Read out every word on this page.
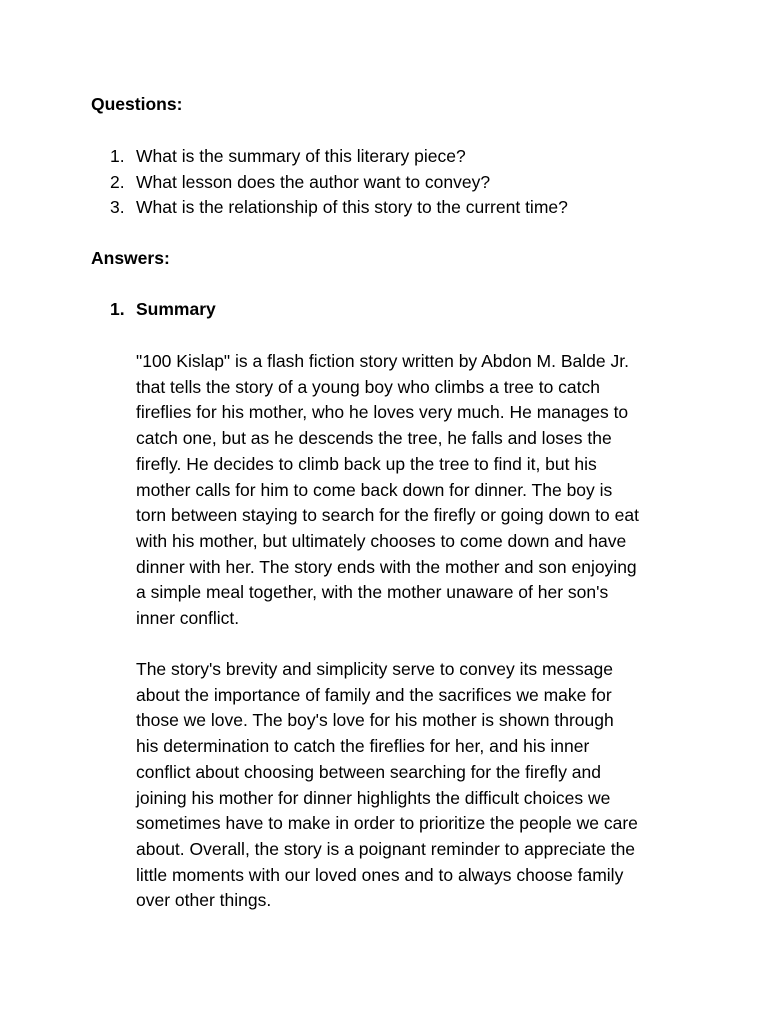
Questions:
1. What is the summary of this literary piece?
2. What lesson does the author want to convey?
3. What is the relationship of this story to the current time?
Answers:
1. Summary

"100 Kislap" is a flash fiction story written by Abdon M. Balde Jr.
that tells the story of a young boy who climbs a tree to catch
fireflies for his mother, who he loves very much. He manages to
catch one, but as he descends the tree, he falls and loses the
firefly. He decides to climb back up the tree to find it, but his
mother calls for him to come back down for dinner. The boy is
torn between staying to search for the firefly or going down to eat
with his mother, but ultimately chooses to come down and have
dinner with her. The story ends with the mother and son enjoying
a simple meal together, with the mother unaware of her son's
inner conflict.

The story's brevity and simplicity serve to convey its message
about the importance of family and the sacrifices we make for
those we love. The boy's love for his mother is shown through
his determination to catch the fireflies for her, and his inner
conflict about choosing between searching for the firefly and
joining his mother for dinner highlights the difficult choices we
sometimes have to make in order to prioritize the people we care
about. Overall, the story is a poignant reminder to appreciate the
little moments with our loved ones and to always choose family
over other things.
